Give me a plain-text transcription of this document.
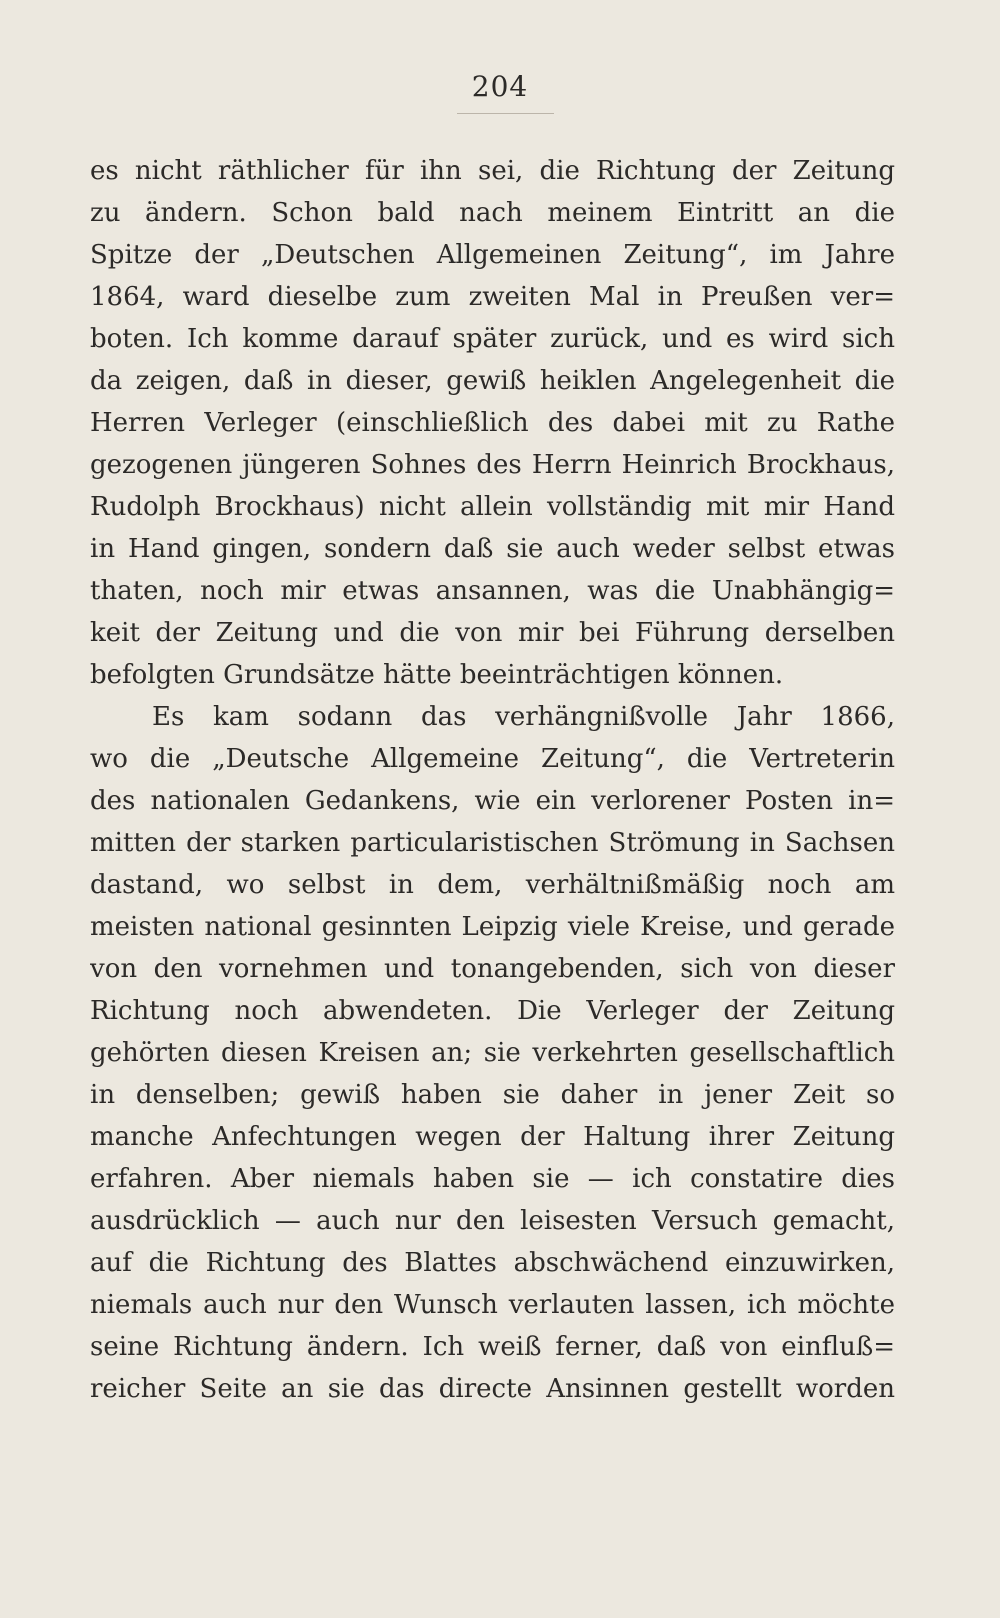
204
es nicht räthlicher für ihn sei, die Richtung der Zeitung
zu ändern. Schon bald nach meinem Eintritt an die
Spitze der „Deutschen Allgemeinen Zeitung“, im Jahre
1864, ward dieselbe zum zweiten Mal in Preußen ver=
boten. Ich komme darauf später zurück, und es wird sich
da zeigen, daß in dieser, gewiß heiklen Angelegenheit die
Herren Verleger (einschließlich des dabei mit zu Rathe
gezogenen jüngeren Sohnes des Herrn Heinrich Brockhaus,
Rudolph Brockhaus) nicht allein vollständig mit mir Hand
in Hand gingen, sondern daß sie auch weder selbst etwas
thaten, noch mir etwas ansannen, was die Unabhängig=
keit der Zeitung und die von mir bei Führung derselben
befolgten Grundsätze hätte beeinträchtigen können.
Es kam sodann das verhängnißvolle Jahr 1866,
wo die „Deutsche Allgemeine Zeitung“, die Vertreterin
des nationalen Gedankens, wie ein verlorener Posten in=
mitten der starken particularistischen Strömung in Sachsen
dastand, wo selbst in dem, verhältnißmäßig noch am
meisten national gesinnten Leipzig viele Kreise, und gerade
von den vornehmen und tonangebenden, sich von dieser
Richtung noch abwendeten. Die Verleger der Zeitung
gehörten diesen Kreisen an; sie verkehrten gesellschaftlich
in denselben; gewiß haben sie daher in jener Zeit so
manche Anfechtungen wegen der Haltung ihrer Zeitung
erfahren. Aber niemals haben sie — ich constatire dies
ausdrücklich — auch nur den leisesten Versuch gemacht,
auf die Richtung des Blattes abschwächend einzuwirken,
niemals auch nur den Wunsch verlauten lassen, ich möchte
seine Richtung ändern. Ich weiß ferner, daß von einfluß=
reicher Seite an sie das directe Ansinnen gestellt worden
